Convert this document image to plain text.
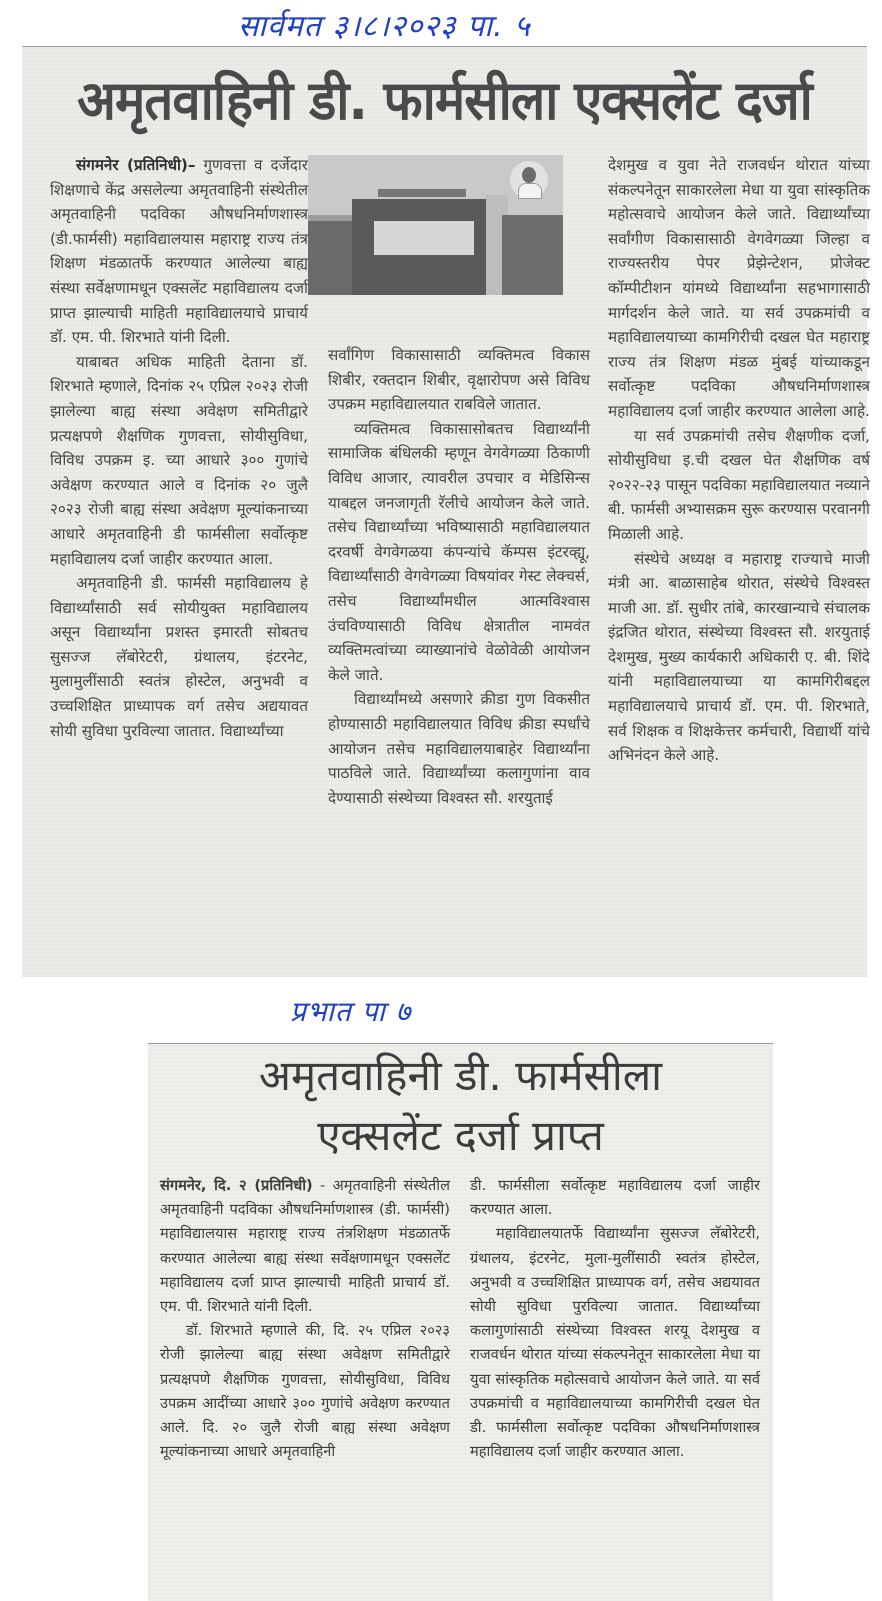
सार्वमत ३।८।२०२३ पा. ५
अमृतवाहिनी डी. फार्मसीला एक्सलेंट दर्जा

संगमनेर (प्रतिनिधी)– गुणवत्ता व दर्जेदार शिक्षणाचे केंद्र असलेल्या अमृतवाहिनी संस्थेतील अमृतवाहिनी पदविका औषधनिर्माणशास्त्र (डी.फार्मसी) महाविद्यालयास महाराष्ट्र राज्य तंत्र शिक्षण मंडळातर्फे करण्यात आलेल्या बाह्य संस्था सर्वेक्षणामधून एक्सलेंट महाविद्यालय दर्जा प्राप्त झाल्याची माहिती महाविद्यालयाचे प्राचार्य डॉ. एम. पी. शिरभाते यांनी दिली.

याबाबत अधिक माहिती देताना डॉ. शिरभाते म्हणाले, दिनांक २५ एप्रिल २०२३ रोजी झालेल्या बाह्य संस्था अवेक्षण समितीद्वारे प्रत्यक्षपणे शैक्षणिक गुणवत्ता, सोयीसुविधा, विविध उपक्रम इ. च्या आधारे ३०० गुणांचे अवेक्षण करण्यात आले व दिनांक २० जुलै २०२३ रोजी बाह्य संस्था अवेक्षण मूल्यांकनाच्या आधारे अमृतवाहिनी डी फार्मसीला सर्वोत्कृष्ट महाविद्यालय दर्जा जाहीर करण्यात आला.

अमृतवाहिनी डी. फार्मसी महाविद्यालय हे विद्यार्थ्यांसाठी सर्व सोयीयुक्त महाविद्यालय असून विद्यार्थ्यांना प्रशस्त इमारती सोबतच सुसज्ज लॅबोरेटरी, ग्रंथालय, इंटरनेट, मुलामुलींसाठी स्वतंत्र होस्टेल, अनुभवी व उच्चशिक्षित प्राध्यापक वर्ग तसेच अद्ययावत सोयी सुविधा पुरविल्या जातात. विद्यार्थ्यांच्या

सर्वांगिण विकासासाठी व्यक्तिमत्व विकास शिबीर, रक्तदान शिबीर, वृक्षारोपण असे विविध उपक्रम महाविद्यालयात राबविले जातात.

व्यक्तिमत्व विकासासोबतच विद्यार्थ्यांनी सामाजिक बंधिलकी म्हणून वेगवेगळ्या ठिकाणी विविध आजार, त्यावरील उपचार व मेडिसिन्स याबद्दल जनजागृती रॅलीचे आयोजन केले जाते. तसेच विद्यार्थ्यांच्या भविष्यासाठी महाविद्यालयात दरवर्षी वेगवेगळया कंपन्यांचे कॅम्पस इंटरव्ह्यू, विद्यार्थ्यांसाठी वेगवेगळ्या विषयांवर गेस्ट लेक्चर्स, तसेच विद्यार्थ्यांमधील आत्मविश्वास उंचविण्यासाठी विविध क्षेत्रातील नामवंत व्यक्तिमत्वांच्या व्याख्यानांचे वेळोवेळी आयोजन केले जाते.

विद्यार्थ्यांमध्ये असणारे क्रीडा गुण विकसीत होण्यासाठी महाविद्यालयात विविध क्रीडा स्पर्धांचे आयोजन तसेच महाविद्यालयाबाहेर विद्यार्थ्यांना पाठविले जाते. विद्यार्थ्यांच्या कलागुणांना वाव देण्यासाठी संस्थेच्या विश्वस्त सौ. शरयुताई

देशमुख व युवा नेते राजवर्धन थोरात यांच्या संकल्पनेतून साकारलेला मेधा या युवा सांस्कृतिक महोत्सवाचे आयोजन केले जाते. विद्यार्थ्यांच्या सर्वांगीण विकासासाठी वेगवेगळ्या जिल्हा व राज्यस्तरीय पेपर प्रेझेन्टेशन, प्रोजेक्ट कॉम्पीटीशन यांमध्ये विद्यार्थ्यांना सहभागासाठी मार्गदर्शन केले जाते. या सर्व उपक्रमांची व महाविद्यालयाच्या कामगिरीची दखल घेत महाराष्ट्र राज्य तंत्र शिक्षण मंडळ मुंबई यांच्याकडून सर्वोत्कृष्ट पदविका औषधनिर्माणशास्त्र महाविद्यालय दर्जा जाहीर करण्यात आलेला आहे.

या सर्व उपक्रमांची तसेच शैक्षणीक दर्जा, सोयीसुविधा इ.ची दखल घेत शैक्षणिक वर्ष २०२२-२३ पासून पदविका महाविद्यालयात नव्याने बी. फार्मसी अभ्यासक्रम सुरू करण्यास परवानगी मिळाली आहे.

संस्थेचे अध्यक्ष व महाराष्ट्र राज्याचे माजी मंत्री आ. बाळासाहेब थोरात, संस्थेचे विश्वस्त माजी आ. डॉ. सुधीर तांबे, कारखान्याचे संचालक इंद्रजित थोरात, संस्थेच्या विश्वस्त सौ. शरयुताई देशमुख, मुख्य कार्यकारी अधिकारी ए. बी. शिंदे यांनी महाविद्यालयाच्या या कामगिरीबद्दल महाविद्यालयाचे प्राचार्य डॉ. एम. पी. शिरभाते, सर्व शिक्षक व शिक्षकेत्तर कर्मचारी, विद्यार्थी यांचे अभिनंदन केले आहे.

प्रभात पा ७
अमृतवाहिनी डी. फार्मसीला
एक्सलेंट दर्जा प्राप्त

संगमनेर, दि. २ (प्रतिनिधी) - अमृतवाहिनी संस्थेतील अमृतवाहिनी पदविका औषधनिर्माणशास्त्र (डी. फार्मसी) महाविद्यालयास महाराष्ट्र राज्य तंत्रशिक्षण मंडळातर्फे करण्यात आलेल्या बाह्य संस्था सर्वेक्षणामधून एक्सलेंट महाविद्यालय दर्जा प्राप्त झाल्याची माहिती प्राचार्य डॉ. एम. पी. शिरभाते यांनी दिली.

डॉ. शिरभाते म्हणाले की, दि. २५ एप्रिल २०२३ रोजी झालेल्या बाह्य संस्था अवेक्षण समितीद्वारे प्रत्यक्षपणे शैक्षणिक गुणवत्ता, सोयीसुविधा, विविध उपक्रम आदींच्या आधारे ३०० गुणांचे अवेक्षण करण्यात आले. दि. २० जुलै रोजी बाह्य संस्था अवेक्षण मूल्यांकनाच्या आधारे अमृतवाहिनी

डी. फार्मसीला सर्वोत्कृष्ट महाविद्यालय दर्जा जाहीर करण्यात आला.

महाविद्यालयातर्फे विद्यार्थ्यांना सुसज्ज लॅबोरेटरी, ग्रंथालय, इंटरनेट, मुला-मुलींसाठी स्वतंत्र होस्टेल, अनुभवी व उच्चशिक्षित प्राध्यापक वर्ग, तसेच अद्ययावत सोयी सुविधा पुरविल्या जातात. विद्यार्थ्यांच्या कलागुणांसाठी संस्थेच्या विश्वस्त शरयू देशमुख व राजवर्धन थोरात यांच्या संकल्पनेतून साकारलेला मेधा या युवा सांस्कृतिक महोत्सवाचे आयोजन केले जाते. या सर्व उपक्रमांची व महाविद्यालयाच्या कामगिरीची दखल घेत डी. फार्मसीला सर्वोत्कृष्ट पदविका औषधनिर्माणशास्त्र महाविद्यालय दर्जा जाहीर करण्यात आला.
